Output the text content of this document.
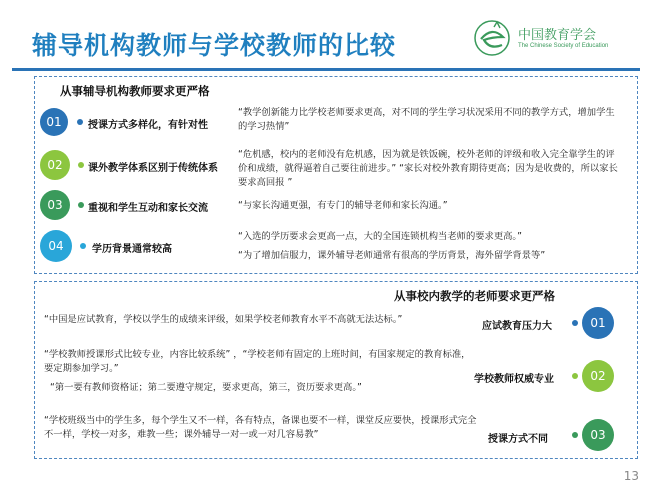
辅导机构教师与学校教师的比较	中国教育学会
The Chinese Society of Education
从事辅导机构教师要求更严格
01	授课方式多样化，有针对性
“教学创新能力比学校老师要求更高，对不同的学生学习状况采用不同的教学方式，增加学生的学习热情”
02	课外教学体系区别于传统体系
“危机感，校内的老师没有危机感，因为就是铁饭碗，校外老师的评级和收入完全靠学生的评价和成绩，就得逼着自己要往前进步。” “家长对校外教育期待更高；因为是收费的，所以家长要求高回报 ”
03	重视和学生互动和家长交流	“与家长沟通更强，有专门的辅导老师和家长沟通。”
04	学历背景通常较高
“入选的学历要求会更高一点，大的全国连锁机构当老师的要求更高。”
“为了增加信服力，课外辅导老师通常有很高的学历背景，海外留学背景等”
从事校内教学的老师要求更严格
“中国是应试教育，学校以学生的成绩来评级，如果学校老师教育水平不高就无法达标。”
应试教育压力大	01
“学校教师授课形式比较专业，内容比较系统” ，“学校老师有固定的上班时间，有国家规定的教育标准，要定期参加学习。”
“第一要有教师资格证；第二要遵守规定，要求更高，第三，资历要求更高。”
学校教师权威专业	02
“学校班级当中的学生多，每个学生又不一样，各有特点，备课也要不一样，课堂反应要快，授课形式完全不一样，学校一对多，难教一些；课外辅导一对一或一对几容易教”	授课方式不同	03
13
